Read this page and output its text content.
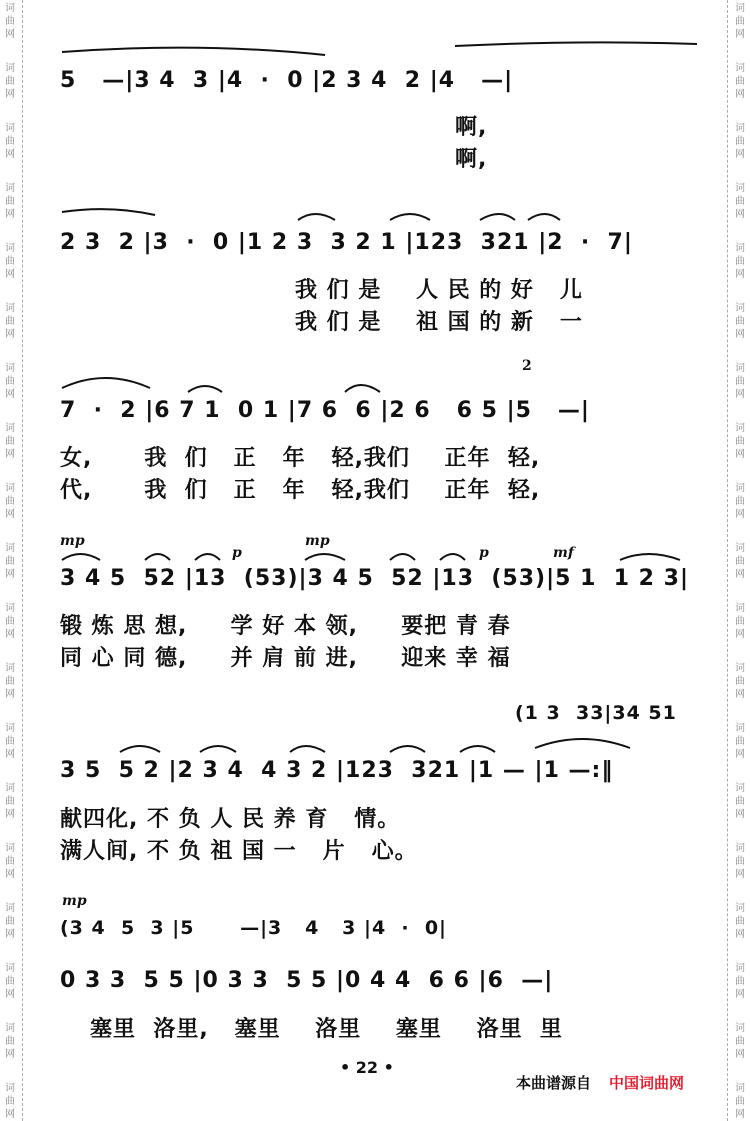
词
曲
网
词
曲
网
词
曲
网
词
曲
网
词
曲
网
词
曲
网
词
曲
网
词
曲
网
词
曲
网
词
曲
网
词
曲
网
词
曲
网
词
曲
网
词
曲
网
词
曲
网
词
曲
网
词
曲
网
词
曲
网
词
曲
网
词
曲
网
词
曲
网
词
曲
网
词
曲
网
词
曲
网
词
曲
网
词
曲
网
词
曲
网
词
曲
网
词
曲
网
词
曲
网
词
曲
网
词
曲
网
词
曲
网
词
曲
网
词
曲
网
词
曲
网
词
曲
网
词
曲
网
5   —|3 4  3 |4  ·  0 |2 3 4  2 |4   —|
啊,
啊,
2 3  2 |3  ·  0 |1 2 3  3 2 1 |123  321 |2  ·  7|
我 们 是    人 民 的 好   儿
我 们 是    祖 国 的 新   一
2
7  ·  2 |6 7 1  0 1 |7 6  6 |2 6   6 5 |5   —|
女,      我  们   正   年   轻,我们    正年  轻,
代,      我  们   正   年   轻,我们    正年  轻,
mp
p
mp
p	mf
3 4 5  52 |13  (53)|3 4 5  52 |13  (53)|5 1  1 2 3|
锻 炼 思 想,     学 好 本 领,     要把 青 春
同 心 同 德,     并 肩 前 进,     迎来 幸 福
(1 3  33|34 51
3 5  5 2 |2 3 4  4 3 2 |123  321 |1 — |1 —:‖
献四化, 不 负 人 民 养 育   情。
满人间, 不 负 祖 国 一   片   心。
mp
(3 4  5  3 |5      —|3   4   3 |4  ·  0|
0 3 3  5 5 |0 3 3  5 5 |0 4 4  6 6 |6  —|
塞里  洛里,   塞里    洛里    塞里    洛里  里
• 22 •
本曲谱源自 中国词曲网
